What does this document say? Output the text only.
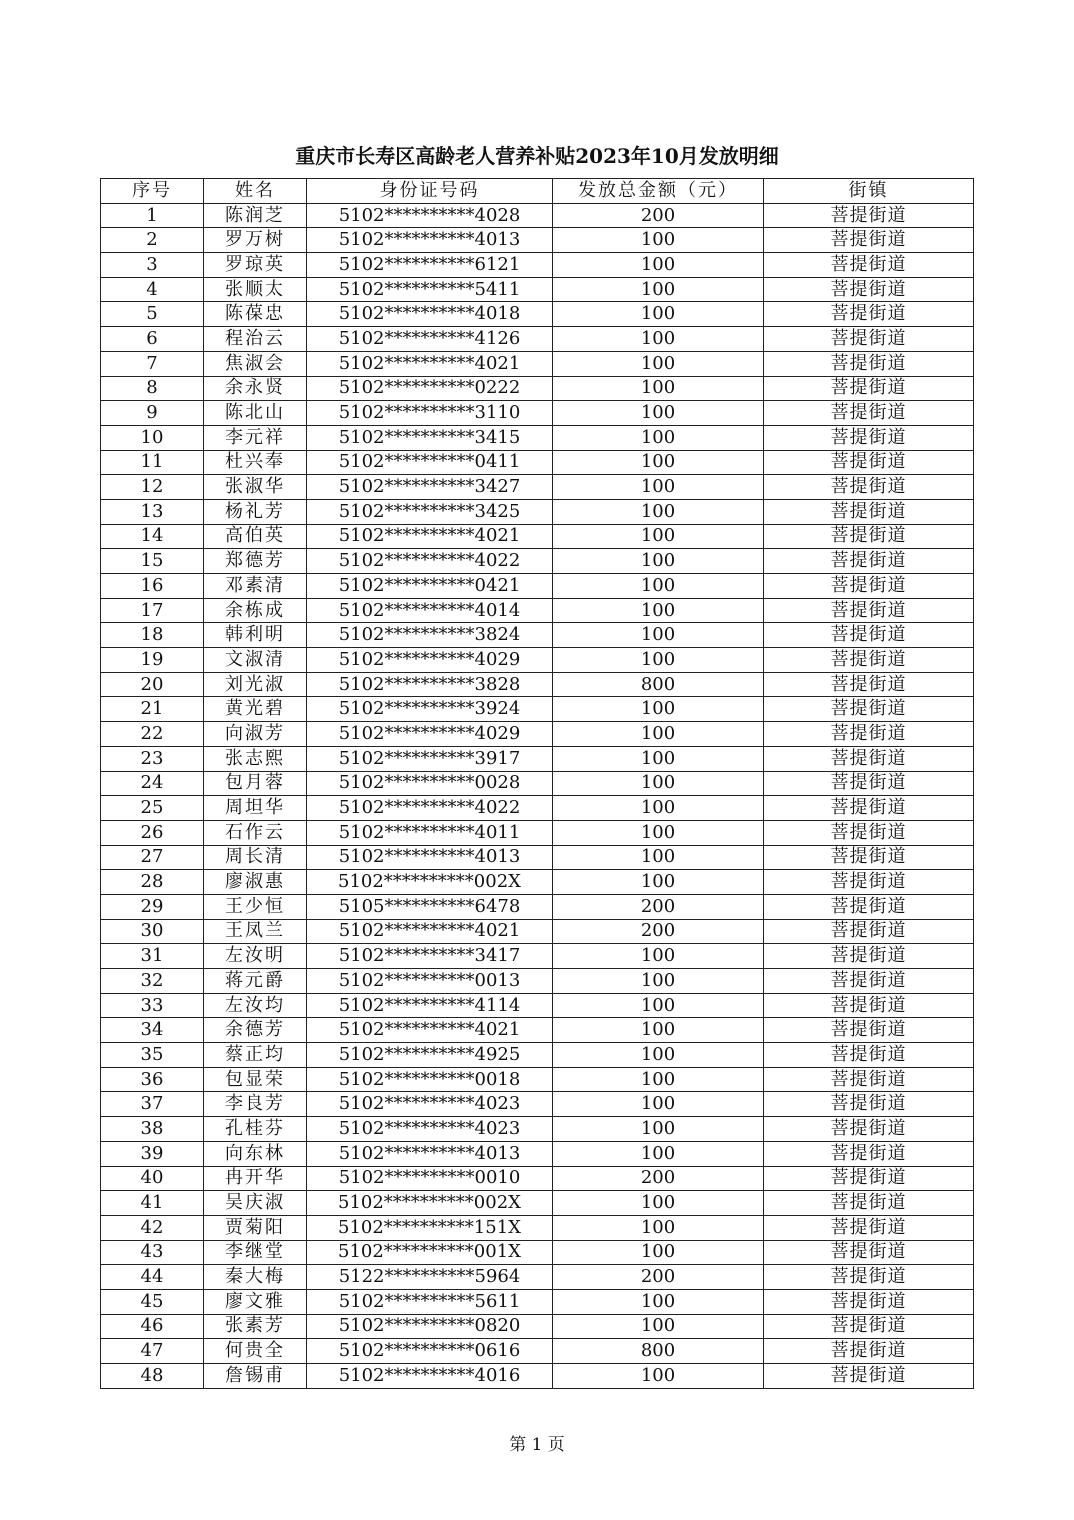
重庆市长寿区高龄老人营养补贴2023年10月发放明细
序号	姓名	身份证号码	发放总金额（元）	街镇
1	陈润芝	5102**********4028	200	菩提街道
2	罗万树	5102**********4013	100	菩提街道
3	罗琼英	5102**********6121	100	菩提街道
4	张顺太	5102**********5411	100	菩提街道
5	陈葆忠	5102**********4018	100	菩提街道
6	程治云	5102**********4126	100	菩提街道
7	焦淑会	5102**********4021	100	菩提街道
8	余永贤	5102**********0222	100	菩提街道
9	陈北山	5102**********3110	100	菩提街道
10	李元祥	5102**********3415	100	菩提街道
11	杜兴奉	5102**********0411	100	菩提街道
12	张淑华	5102**********3427	100	菩提街道
13	杨礼芳	5102**********3425	100	菩提街道
14	高伯英	5102**********4021	100	菩提街道
15	郑德芳	5102**********4022	100	菩提街道
16	邓素清	5102**********0421	100	菩提街道
17	余栋成	5102**********4014	100	菩提街道
18	韩利明	5102**********3824	100	菩提街道
19	文淑清	5102**********4029	100	菩提街道
20	刘光淑	5102**********3828	800	菩提街道
21	黄光碧	5102**********3924	100	菩提街道
22	向淑芳	5102**********4029	100	菩提街道
23	张志熙	5102**********3917	100	菩提街道
24	包月蓉	5102**********0028	100	菩提街道
25	周坦华	5102**********4022	100	菩提街道
26	石作云	5102**********4011	100	菩提街道
27	周长清	5102**********4013	100	菩提街道
28	廖淑惠	5102**********002X	100	菩提街道
29	王少恒	5105**********6478	200	菩提街道
30	王凤兰	5102**********4021	200	菩提街道
31	左汝明	5102**********3417	100	菩提街道
32	蒋元爵	5102**********0013	100	菩提街道
33	左汝均	5102**********4114	100	菩提街道
34	余德芳	5102**********4021	100	菩提街道
35	蔡正均	5102**********4925	100	菩提街道
36	包显荣	5102**********0018	100	菩提街道
37	李良芳	5102**********4023	100	菩提街道
38	孔桂芬	5102**********4023	100	菩提街道
39	向东林	5102**********4013	100	菩提街道
40	冉开华	5102**********0010	200	菩提街道
41	吴庆淑	5102**********002X	100	菩提街道
42	贾菊阳	5102**********151X	100	菩提街道
43	李继堂	5102**********001X	100	菩提街道
44	秦大梅	5122**********5964	200	菩提街道
45	廖文雅	5102**********5611	100	菩提街道
46	张素芳	5102**********0820	100	菩提街道
47	何贵全	5102**********0616	800	菩提街道
48	詹锡甫	5102**********4016	100	菩提街道
第 1 页
